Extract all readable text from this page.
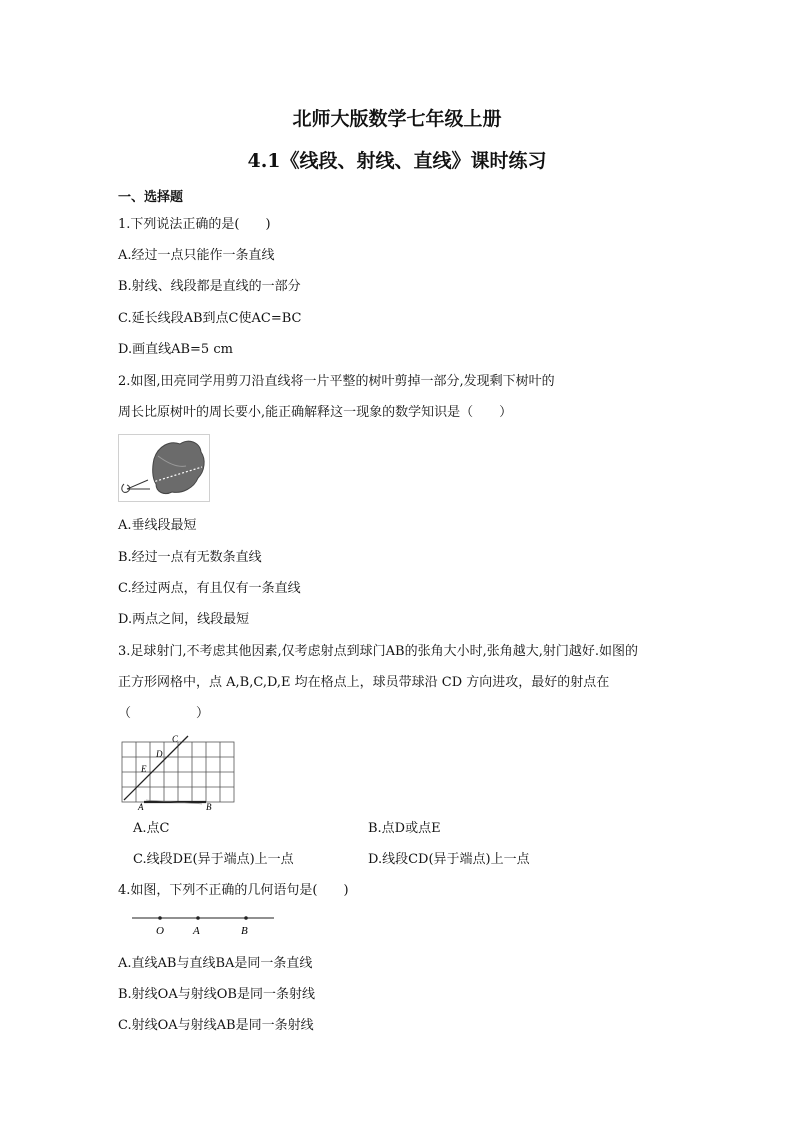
北师大版数学七年级上册
4.1《线段、射线、直线》课时练习
一、选择题
1.下列说法正确的是(　　)
A.经过一点只能作一条直线
B.射线、线段都是直线的一部分
C.延长线段AB到点C使AC=BC
D.画直线AB=5 cm
2.如图,田亮同学用剪刀沿直线将一片平整的树叶剪掉一部分,发现剩下树叶的
周长比原树叶的周长要小,能正确解释这一现象的数学知识是（　　）
A.垂线段最短
B.经过一点有无数条直线
C.经过两点，有且仅有一条直线
D.两点之间，线段最短
3.足球射门,不考虑其他因素,仅考虑射点到球门AB的张角大小时,张角越大,射门越好.如图的
正方形网格中，点 A,B,C,D,E 均在格点上，球员带球沿 CD 方向进攻，最好的射点在
（　　　　　）
C
D
E
A	B
A.点C	B.点D或点E
C.线段DE(异于端点)上一点	D.线段CD(异于端点)上一点
4.如图，下列不正确的几何语句是(　　)
O	A	B
A.直线AB与直线BA是同一条直线
B.射线OA与射线OB是同一条射线
C.射线OA与射线AB是同一条射线
